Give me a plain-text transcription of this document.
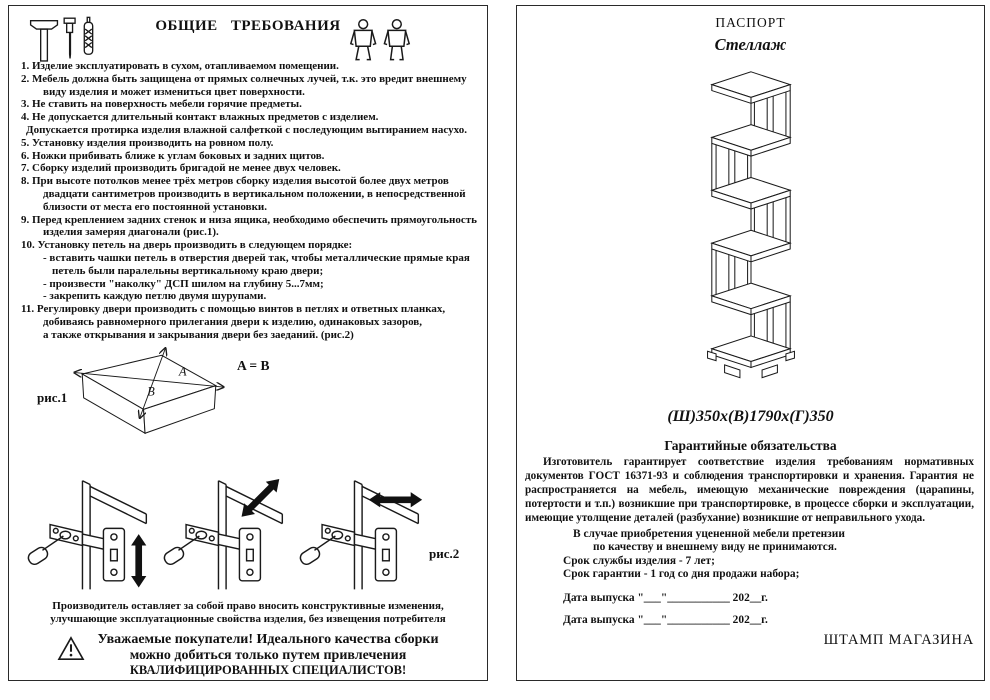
ОБЩИЕ ТРЕБОВАНИЯ
1. Изделие эксплуатировать в сухом, отапливаемом помещении.
2. Мебель должна быть защищена от прямых солнечных лучей, т.к. это вредит внешнему
виду изделия и может измениться цвет поверхности.
3. Не ставить на поверхность мебели горячие предметы.
4. Не допускается длительный контакт влажных предметов с изделием.
Допускается протирка изделия влажной салфеткой с последующим вытиранием насухо.
5. Установку изделия производить на ровном полу.
6. Ножки прибивать ближе к углам боковых и задних щитов.
7. Сборку изделий производить бригадой не менее двух человек.
8. При высоте потолков менее трёх метров сборку изделия высотой более двух метров
двадцати сантиметров производить в вертикальном положении, в непосредственной
близости от места его постоянной установки.
9. Перед креплением задних стенок и низа ящика, необходимо обеспечить прямоугольность
изделия замеряя диагонали (рис.1).
10. Установку петель на дверь производить в следующем порядке:
- вставить чашки петель в отверстия дверей так, чтобы металлические прямые края
петель были паралельны вертикальному краю двери;
- произвести "наколку" ДСП шилом на глубину 5...7мм;
- закрепить каждую петлю двумя шурупами.
11. Регулировку двери производить с помощью винтов в петлях и ответных планках,
добиваясь равномерного прилегания двери к изделию, одинаковых зазоров,
а также открывания и закрывания двери без заеданий. (рис.2)
A
B
рис.1
A = B
рис.2
Производитель оставляет за собой право вносить конструктивные изменения,
улучшающие эксплуатационные свойства изделия, без извещения потребителя
Уважаемые покупатели! Идеального качества сборки
можно добиться только путем привлечения
КВАЛИФИЦИРОВАННЫХ СПЕЦИАЛИСТОВ!
ПАСПОРТ
Стеллаж
(Ш)350х(В)1790х(Г)350
Гарантийные обязательства

Изготовитель гарантирует соответствие изделия требованиям нормативных документов ГОСТ 16371-93 и соблюдения транспортировки и хранения. Гарантия не распространяется на мебель, имеющую механические повреждения (царапины, потертости и т.п.) возникшие при транспортировке, в процессе сборки и эксплуатации, имеющие утолщение деталей (разбухание) возникшие от неправильного ухода.

В случае приобретения уцененной мебели претензии
по качеству и внешнему виду не принимаются.
Срок службы изделия - 7 лет;
Срок гарантии - 1 год со дня продажи набора;
Дата выпуска "___"___________ 202__г.
Дата выпуска "___"___________ 202__г.
ШТАМП МАГАЗИНА
